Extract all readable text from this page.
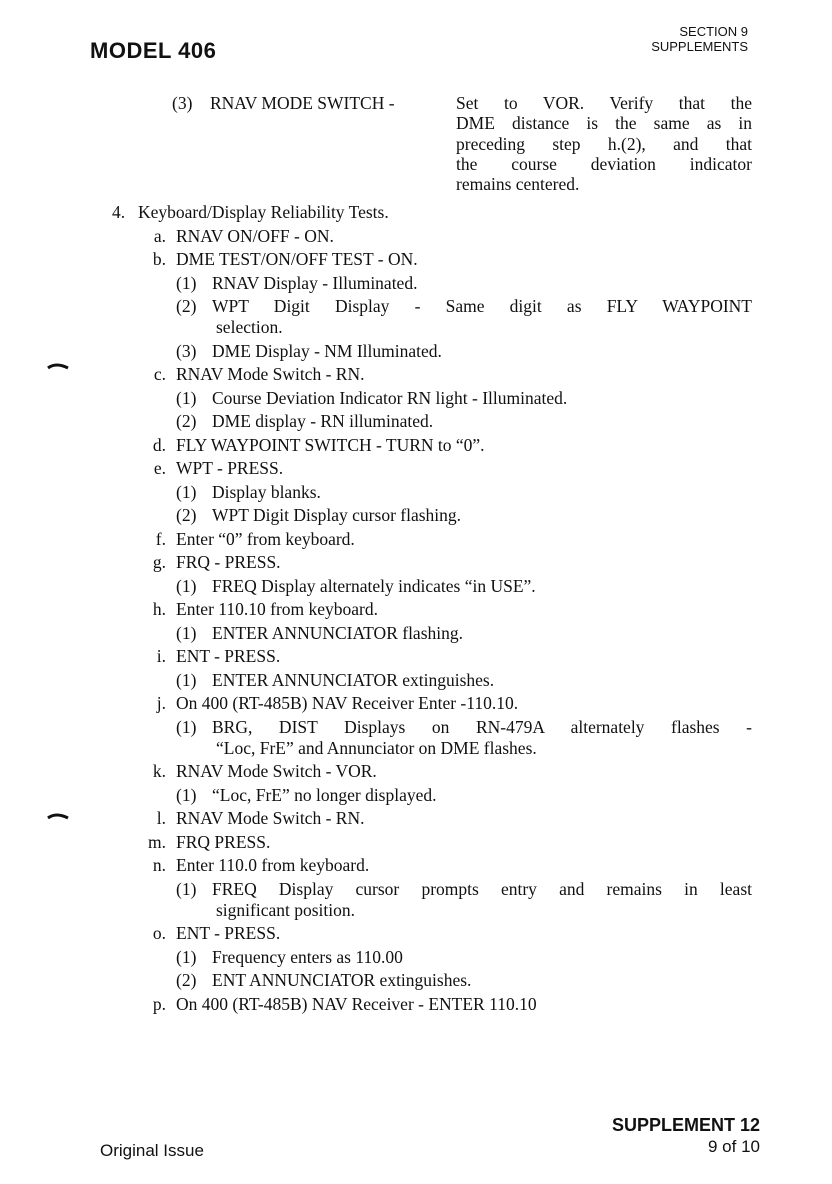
MODEL 406
SECTION 9
SUPPLEMENTS
(3) RNAV MODE SWITCH -	Set to VOR. Verify that the
DME distance is the same as in
preceding step h.(2), and that
the course deviation indicator
remains centered.
4. Keyboard/Display Reliability Tests.
a. RNAV ON/OFF - ON.
b. DME TEST/ON/OFF TEST - ON.
(1) RNAV Display - Illuminated.
(2) WPT Digit Display - Same digit as FLY WAYPOINT
selection.
(3) DME Display - NM Illuminated.
c. RNAV Mode Switch - RN.
(1) Course Deviation Indicator RN light - Illuminated.
(2) DME display - RN illuminated.
d. FLY WAYPOINT SWITCH - TURN to “0”.
e. WPT - PRESS.
(1) Display blanks.
(2) WPT Digit Display cursor flashing.
f. Enter “0” from keyboard.
g. FRQ - PRESS.
(1) FREQ Display alternately indicates “in USE”.
h. Enter 110.10 from keyboard.
(1) ENTER ANNUNCIATOR flashing.
i. ENT - PRESS.
(1) ENTER ANNUNCIATOR extinguishes.
j. On 400 (RT-485B) NAV Receiver Enter -110.10.
(1) BRG, DIST Displays on RN-479A alternately flashes -
“Loc, FrE” and Annunciator on DME flashes.
k. RNAV Mode Switch - VOR.
(1) “Loc, FrE” no longer displayed.
l. RNAV Mode Switch - RN.
m. FRQ PRESS.
n. Enter 110.0 from keyboard.
(1) FREQ Display cursor prompts entry and remains in least
significant position.
o. ENT - PRESS.
(1) Frequency enters as 110.00
(2) ENT ANNUNCIATOR extinguishes.
p. On 400 (RT-485B) NAV Receiver - ENTER 110.10
Original Issue
SUPPLEMENT 12
9 of 10
